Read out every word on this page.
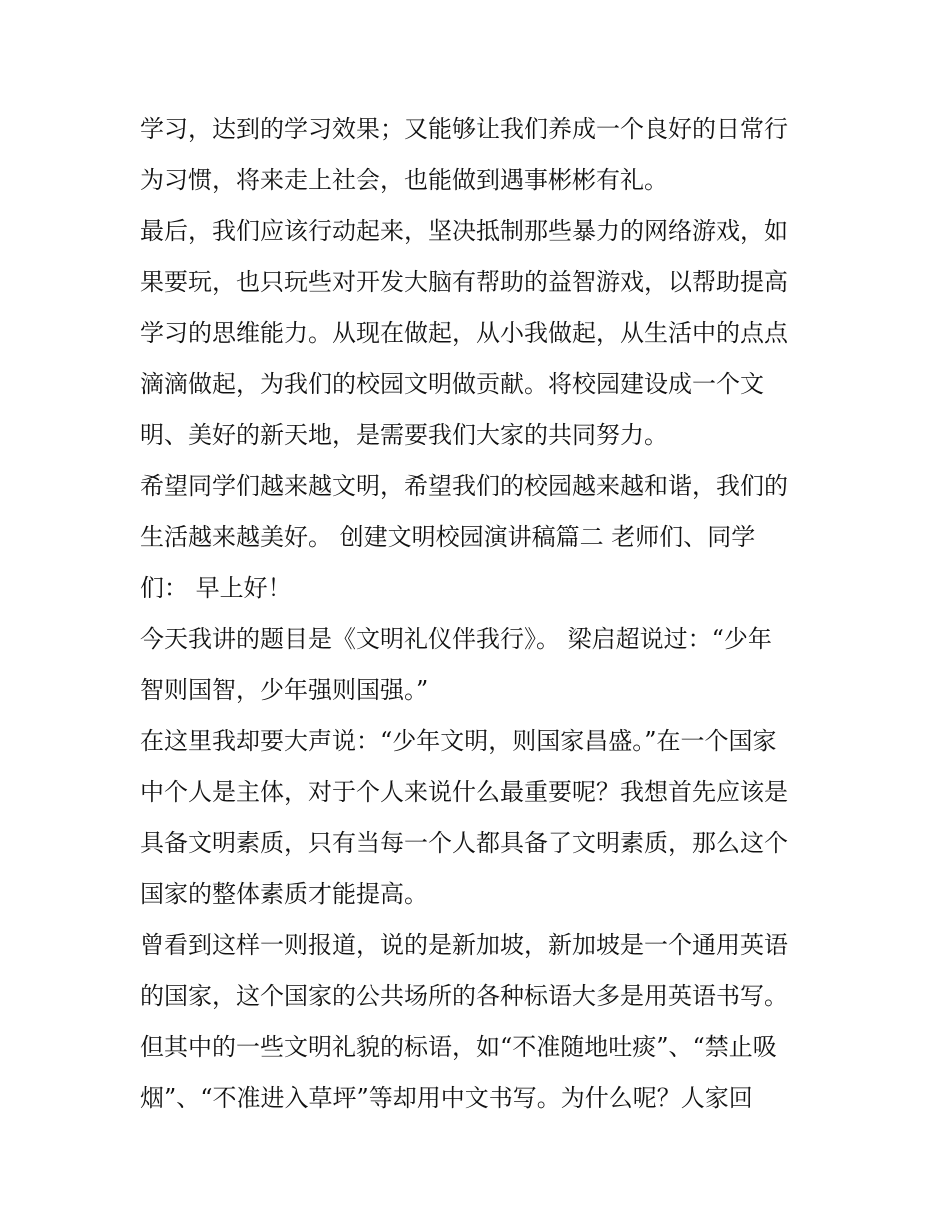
学习，达到的学习效果；又能够让我们养成一个良好的日常行
为习惯，将来走上社会，也能做到遇事彬彬有礼。
最后，我们应该行动起来，坚决抵制那些暴力的网络游戏，如
果要玩，也只玩些对开发大脑有帮助的益智游戏，以帮助提高
学习的思维能力。从现在做起，从小我做起，从生活中的点点
滴滴做起，为我们的校园文明做贡献。将校园建设成一个文
明、美好的新天地，是需要我们大家的共同努力。
希望同学们越来越文明，希望我们的校园越来越和谐，我们的
生活越来越美好。 创建文明校园演讲稿篇二 老师们、同学
们： 早上好！
今天我讲的题目是《文明礼仪伴我行》。 梁启超说过：“少年
智则国智，少年强则国强。”
在这里我却要大声说：“少年文明，则国家昌盛。”在一个国家
中个人是主体，对于个人来说什么最重要呢？我想首先应该是
具备文明素质，只有当每一个人都具备了文明素质，那么这个
国家的整体素质才能提高。
曾看到这样一则报道，说的是新加坡，新加坡是一个通用英语
的国家，这个国家的公共场所的各种标语大多是用英语书写。
但其中的一些文明礼貌的标语，如“不准随地吐痰”、“禁止吸
烟”、“不准进入草坪”等却用中文书写。为什么呢？人家回
